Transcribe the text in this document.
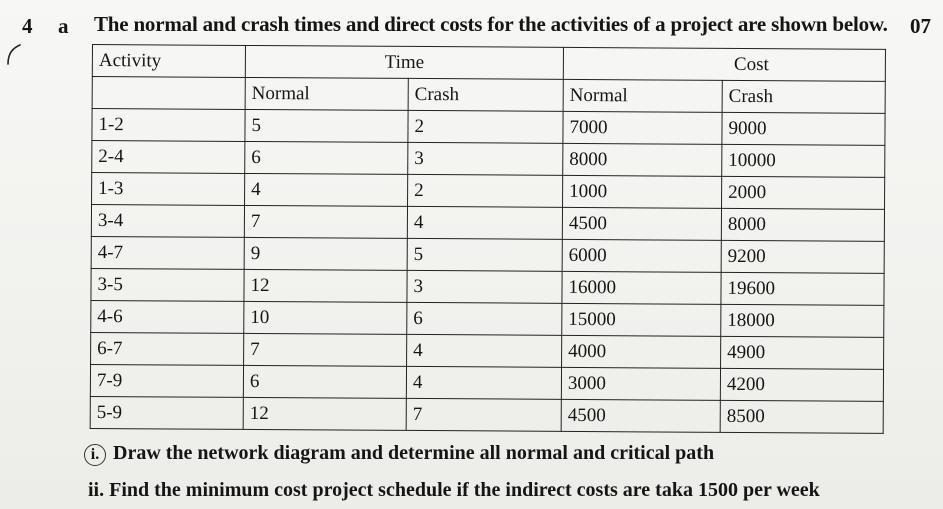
4 a The normal and crash times and direct costs for the activities of a project are shown below. 07
Activity	Time		Cost	
	Normal	Crash	Normal	Crash
1-2	5	2	7000	9000
2-4	6	3	8000	10000
1-3	4	2	1000	2000
3-4	7	4	4500	8000
4-7	9	5	6000	9200
3-5	12	3	16000	19600
4-6	10	6	15000	18000
6-7	7	4	4000	4900
7-9	6	4	3000	4200
5-9	12	7	4500	8500
i. Draw the network diagram and determine all normal and critical path
ii. Find the minimum cost project schedule if the indirect costs are taka 1500 per week
